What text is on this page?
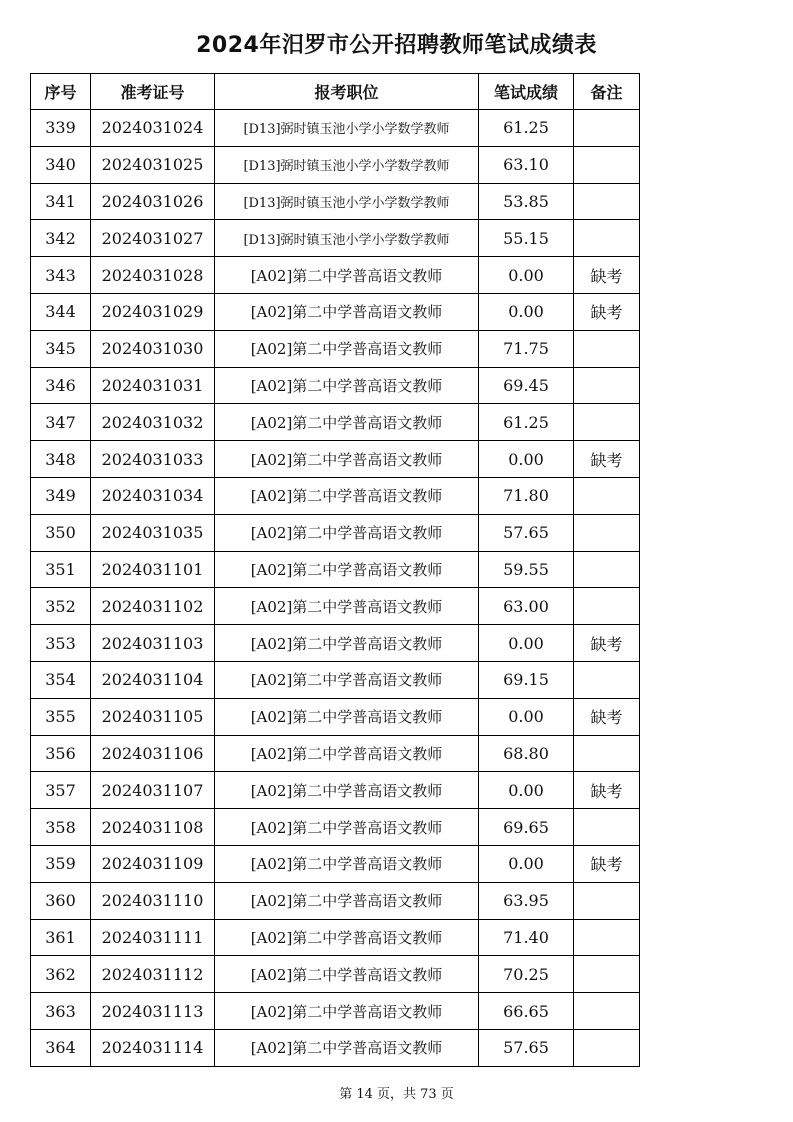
2024年汨罗市公开招聘教师笔试成绩表
序号	准考证号	报考职位	笔试成绩	备注
339	2024031024	[D13]弼时镇玉池小学小学数学教师	61.25	
340	2024031025	[D13]弼时镇玉池小学小学数学教师	63.10	
341	2024031026	[D13]弼时镇玉池小学小学数学教师	53.85	
342	2024031027	[D13]弼时镇玉池小学小学数学教师	55.15	
343	2024031028	[A02]第二中学普高语文教师	0.00	缺考
344	2024031029	[A02]第二中学普高语文教师	0.00	缺考
345	2024031030	[A02]第二中学普高语文教师	71.75	
346	2024031031	[A02]第二中学普高语文教师	69.45	
347	2024031032	[A02]第二中学普高语文教师	61.25	
348	2024031033	[A02]第二中学普高语文教师	0.00	缺考
349	2024031034	[A02]第二中学普高语文教师	71.80	
350	2024031035	[A02]第二中学普高语文教师	57.65	
351	2024031101	[A02]第二中学普高语文教师	59.55	
352	2024031102	[A02]第二中学普高语文教师	63.00	
353	2024031103	[A02]第二中学普高语文教师	0.00	缺考
354	2024031104	[A02]第二中学普高语文教师	69.15	
355	2024031105	[A02]第二中学普高语文教师	0.00	缺考
356	2024031106	[A02]第二中学普高语文教师	68.80	
357	2024031107	[A02]第二中学普高语文教师	0.00	缺考
358	2024031108	[A02]第二中学普高语文教师	69.65	
359	2024031109	[A02]第二中学普高语文教师	0.00	缺考
360	2024031110	[A02]第二中学普高语文教师	63.95	
361	2024031111	[A02]第二中学普高语文教师	71.40	
362	2024031112	[A02]第二中学普高语文教师	70.25	
363	2024031113	[A02]第二中学普高语文教师	66.65	
364	2024031114	[A02]第二中学普高语文教师	57.65	
第 14 页，共 73 页
